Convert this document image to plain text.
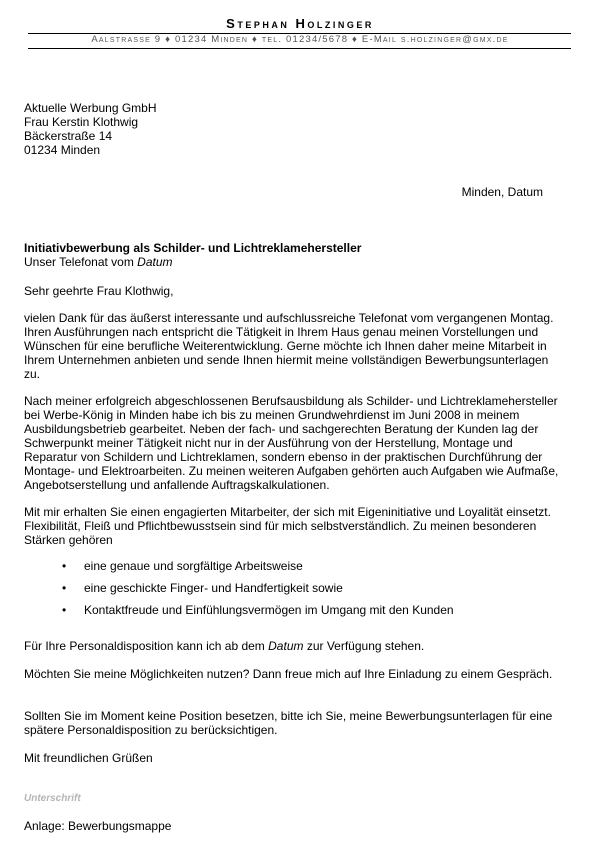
Stephan Holzinger
Aalstrasse 9 ♦ 01234 Minden ♦ tel. 01234/5678 ♦ E-Mail s.holzinger@gmx.de

Aktuelle Werbung GmbH

Frau Kerstin Klothwig

Bäckerstraße 14

01234 Minden

Minden, Datum

Initiativbewerbung als Schilder- und Lichtreklamehersteller

Unser Telefonat vom Datum

Sehr geehrte Frau Klothwig,
vielen Dank für das äußerst interessante und aufschlussreiche Telefonat vom vergangenen Montag. Ihren Ausführungen nach entspricht die Tätigkeit in Ihrem Haus genau meinen Vorstellungen und Wünschen für eine berufliche Weiterentwicklung. Gerne möchte ich Ihnen daher meine Mitarbeit in Ihrem Unternehmen anbieten und sende Ihnen hiermit meine vollständigen Bewerbungsunterlagen zu.
Nach meiner erfolgreich abgeschlossenen Berufsausbildung als Schilder- und Lichtreklamehersteller bei Werbe-König in Minden habe ich bis zu meinen Grundwehrdienst im Juni 2008 in meinem Ausbildungsbetrieb gearbeitet. Neben der fach- und sachgerechten Beratung der Kunden lag der Schwerpunkt meiner Tätigkeit nicht nur in der Ausführung von der Herstellung, Montage und Reparatur von Schildern und Lichtreklamen, sondern ebenso in der praktischen Durchführung der Montage- und Elektroarbeiten. Zu meinen weiteren Aufgaben gehörten auch Aufgaben wie Aufmaße, Angebotserstellung und anfallende Auftragskalkulationen.
Mit mir erhalten Sie einen engagierten Mitarbeiter, der sich mit Eigeninitiative und Loyalität einsetzt. Flexibilität, Fleiß und Pflichtbewusstsein sind für mich selbstverständlich. Zu meinen besonderen Stärken gehören
• eine genaue und sorgfältige Arbeitsweise
• eine geschickte Finger- und Handfertigkeit sowie
• Kontaktfreude und Einfühlungsvermögen im Umgang mit den Kunden
Für Ihre Personaldisposition kann ich ab dem Datum zur Verfügung stehen.
Möchten Sie meine Möglichkeiten nutzen? Dann freue mich auf Ihre Einladung zu einem Gespräch.
Sollten Sie im Moment keine Position besetzen, bitte ich Sie, meine Bewerbungsunterlagen für eine spätere Personaldisposition zu berücksichtigen.
Mit freundlichen Grüßen
Unterschrift
Anlage: Bewerbungsmappe
